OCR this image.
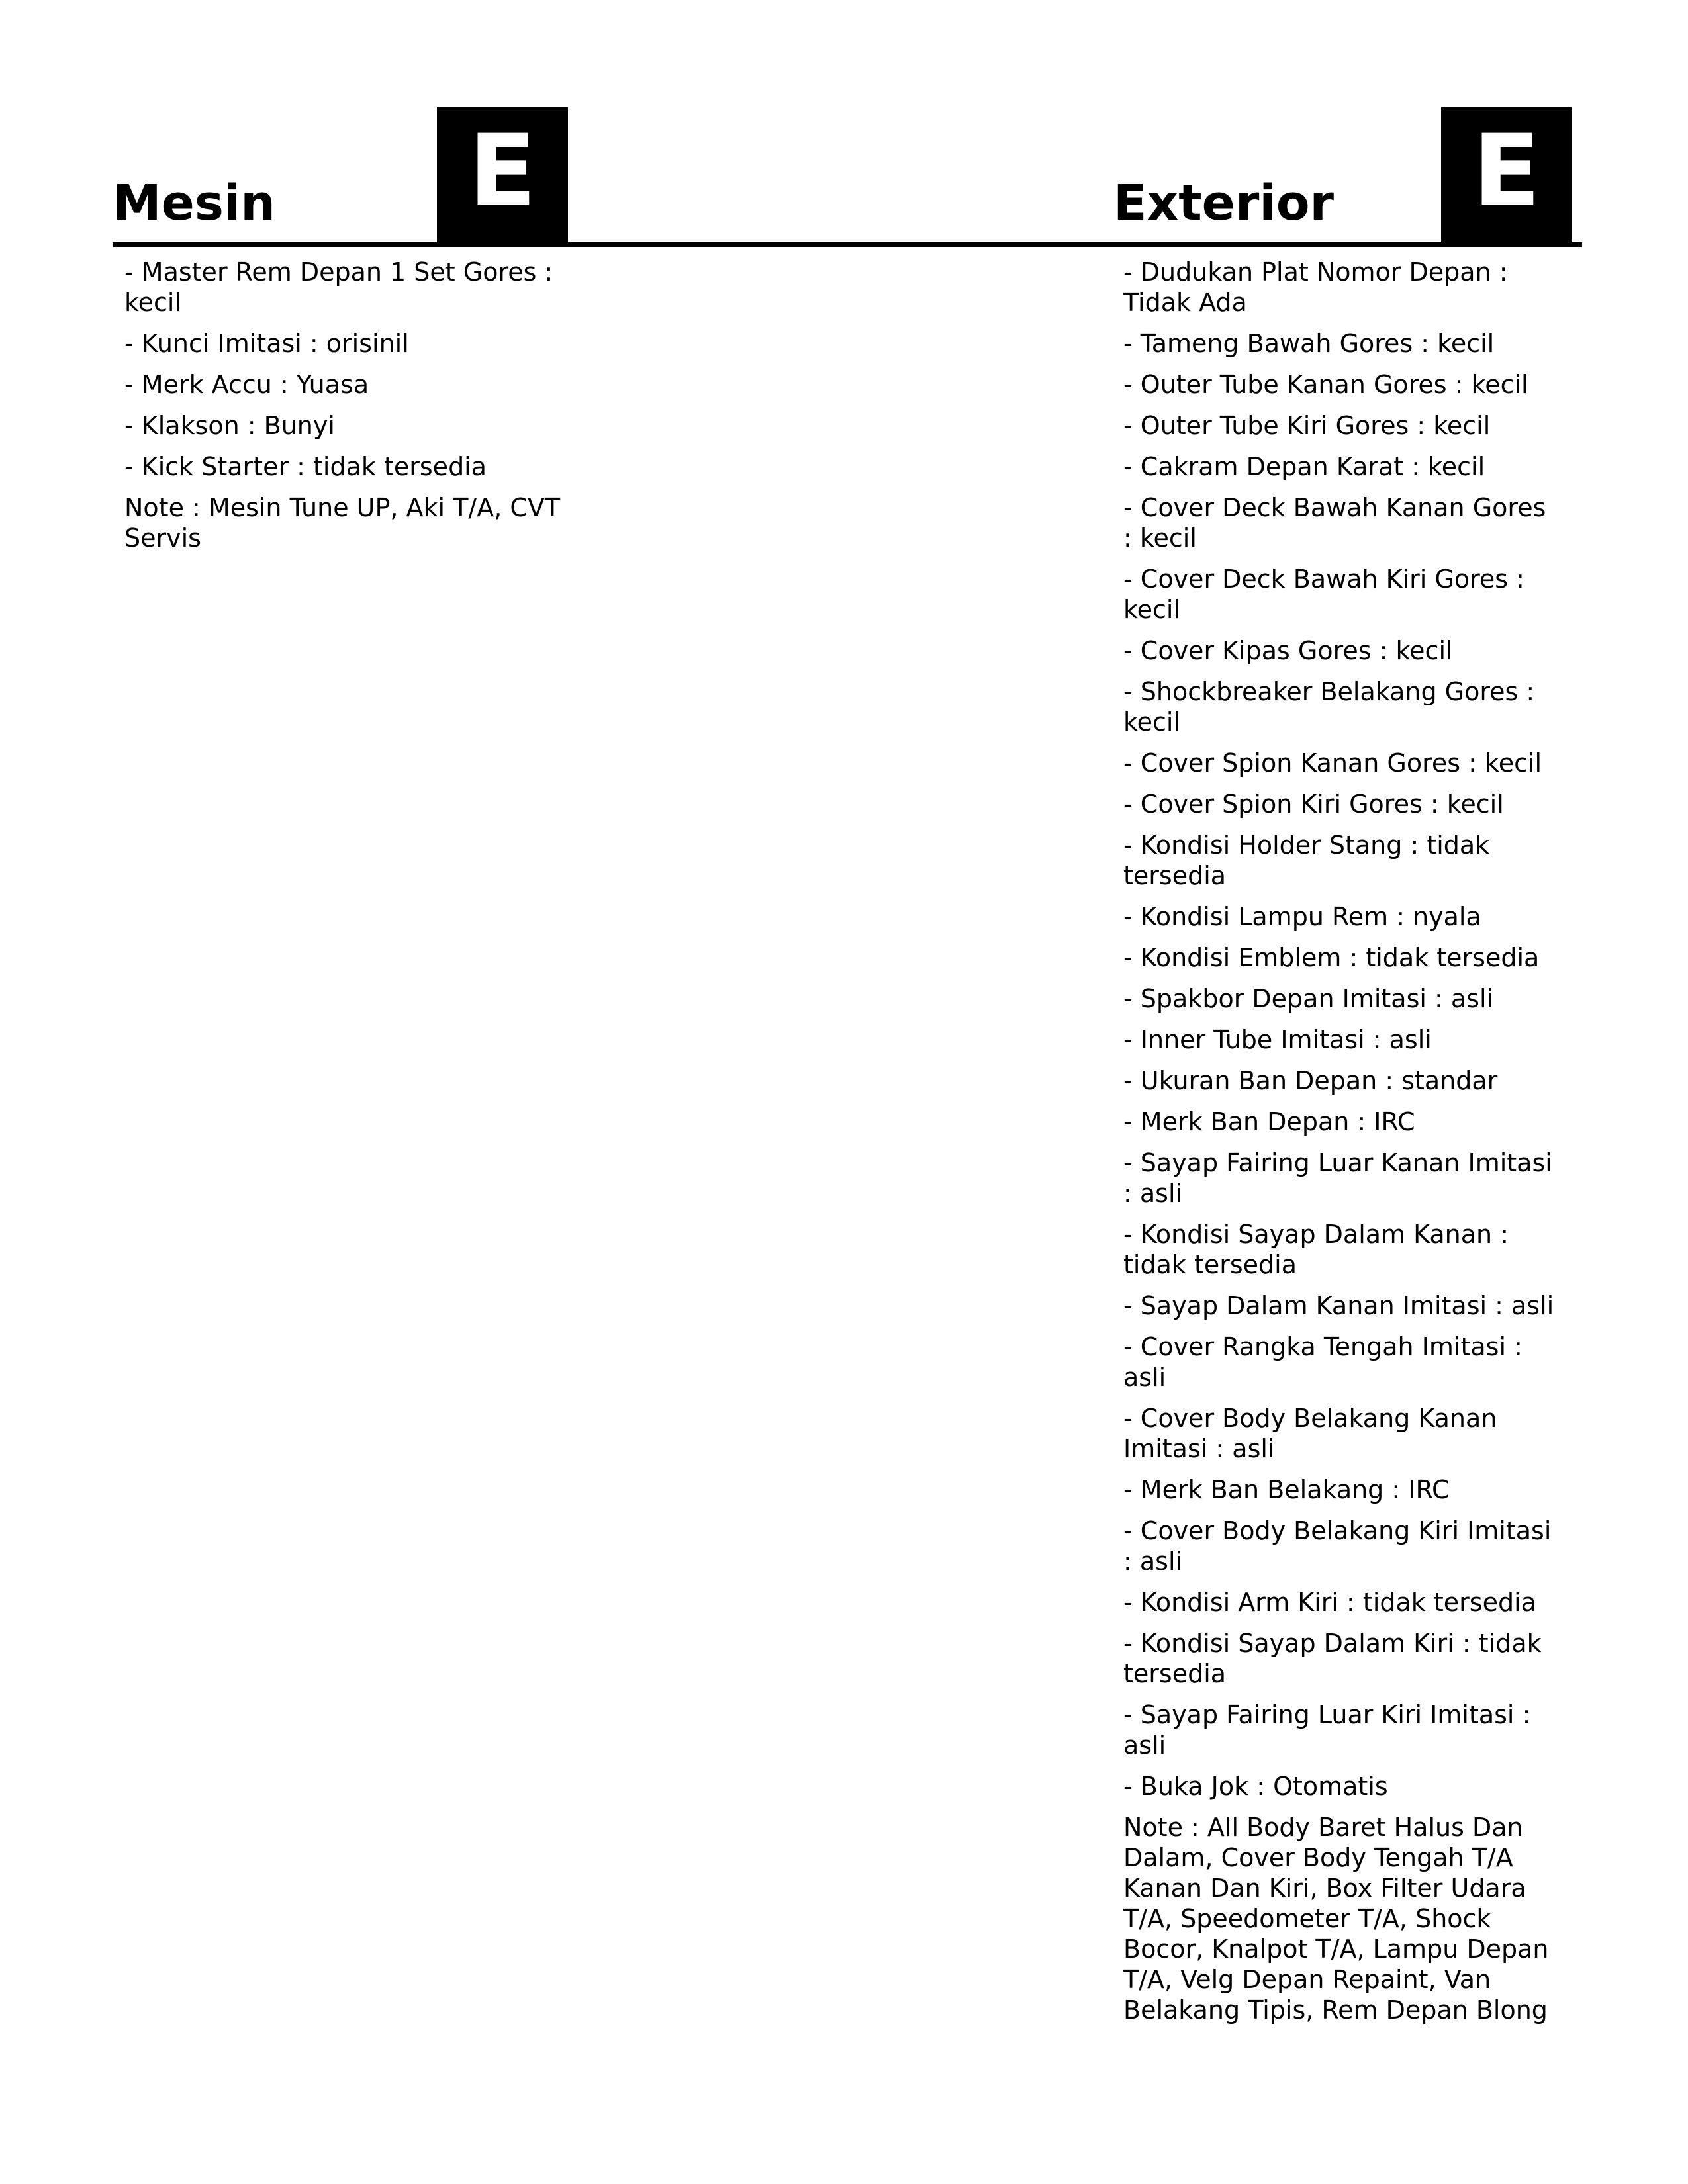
Mesin	E	Exterior	E
- Master Rem Depan 1 Set Gores : kecil
- Kunci Imitasi : orisinil
- Merk Accu : Yuasa
- Klakson : Bunyi
- Kick Starter : tidak tersedia
Note : Mesin Tune UP, Aki T/A, CVT Servis
- Dudukan Plat Nomor Depan : Tidak Ada
- Tameng Bawah Gores : kecil
- Outer Tube Kanan Gores : kecil
- Outer Tube Kiri Gores : kecil
- Cakram Depan Karat : kecil
- Cover Deck Bawah Kanan Gores : kecil
- Cover Deck Bawah Kiri Gores : kecil
- Cover Kipas Gores : kecil
- Shockbreaker Belakang Gores : kecil
- Cover Spion Kanan Gores : kecil
- Cover Spion Kiri Gores : kecil
- Kondisi Holder Stang : tidak tersedia
- Kondisi Lampu Rem : nyala
- Kondisi Emblem : tidak tersedia
- Spakbor Depan Imitasi : asli
- Inner Tube Imitasi : asli
- Ukuran Ban Depan : standar
- Merk Ban Depan : IRC
- Sayap Fairing Luar Kanan Imitasi : asli
- Kondisi Sayap Dalam Kanan : tidak tersedia
- Sayap Dalam Kanan Imitasi : asli
- Cover Rangka Tengah Imitasi : asli
- Cover Body Belakang Kanan Imitasi : asli
- Merk Ban Belakang : IRC
- Cover Body Belakang Kiri Imitasi : asli
- Kondisi Arm Kiri : tidak tersedia
- Kondisi Sayap Dalam Kiri : tidak tersedia
- Sayap Fairing Luar Kiri Imitasi : asli
- Buka Jok : Otomatis
Note : All Body Baret Halus Dan Dalam, Cover Body Tengah T/A Kanan Dan Kiri, Box Filter Udara T/A, Speedometer T/A, Shock Bocor, Knalpot T/A, Lampu Depan T/A, Velg Depan Repaint, Van Belakang Tipis, Rem Depan Blong
